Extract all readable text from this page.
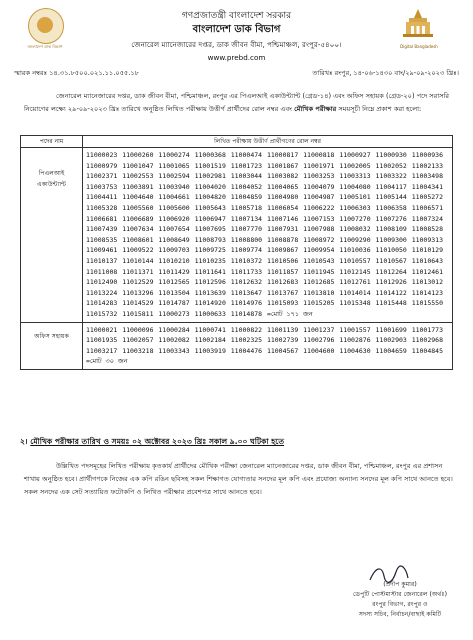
বাংলাদেশ ডাক বিভাগ	Digital Bangladesh
গণপ্রজাতন্ত্রী বাংলাদেশ সরকার
বাংলাদেশ ডাক বিভাগ
জেনারেল ম্যানেজারের দপ্তর, ডাক জীবন বীমা, পশ্চিমাঞ্চল, রংপুর-৫৪০০।
www.prebd.com
স্মারক নম্বরঃ ১৪.৩১.৮৫০০.০২১.১১.০৫৫.১৮	তারিখঃ রংপুর, ১৪-০৬-১৪৩০ বাং/২৯-০৯-২০২৩ খ্রিঃ।
জেনারেল ম্যানেজারের দপ্তর, ডাক জীবন বীমা, পশ্চিমাঞ্চল, রংপুর এর পিএলআই একাউন্ট্যান্ট (গ্রেড-১৪) এবং অফিস সহায়ক (গ্রেড-২০) পদে সরাসরি নিয়োগের লক্ষ্যে ২৯-০৯-২০২৩ খ্রিঃ তারিখে অনুষ্ঠিত লিখিত পরীক্ষায় উত্তীর্ণ প্রার্থীদের রোল নম্বর এবং মৌখিক পরীক্ষার সময়সূচী নিম্নে প্রকাশ করা হলো:
পদের নাম	লিখিত পরীক্ষায় উত্তীর্ণ প্রার্থীগণের রোল নম্বর
পিএলআই একাউন্ট্যান্ট	11000023 11000260 11000274 11000368 11000474 11000817 11000818 11000927 11000930 1100093611000979 11001047 11001065 11001519 11001723 11001867 11001971 11002005 11002052 1100213311002371 11002553 11002594 11002981 11003044 11003082 11003253 11003313 11003322 1100349811003753 11003891 11003940 11004020 11004052 11004065 11004079 11004080 11004117 1100434111004411 11004640 11004661 11004820 11004859 11004980 11004987 11005101 11005144 1100527211005328 11005560 11005600 11005643 11005718 11006054 11006222 11006303 11006358 1100657111006681 11006689 11006920 11006947 11007134 11007146 11007153 11007270 11007276 1100732411007439 11007634 11007654 11007695 11007770 11007931 11007988 11008032 11008109 1100852811008535 11008601 11008649 11008793 11008800 11008878 11008972 11009290 11009300 1100931311009461 11009522 11009703 11009725 11009774 11009867 11009954 11010036 11010050 1101012911010137 11010144 11010210 11010235 11010372 11010506 11010543 11010557 11010567 1101064311011008 11011371 11011429 11011641 11011733 11011857 11011945 11012145 11012264 1101246111012490 11012529 11012565 11012596 11012632 11012683 11012685 11012761 11012926 1101301211013224 11013296 11013504 11013639 11013647 11013767 11013810 11014014 11014122 1101412311014283 11014529 11014787 11014920 11014976 11015093 11015205 11015348 11015448 1101555011015732 11015811 11000273 11000633 11014878 =মোট ১৭১ জন
অফিস সহায়ক	11000021 11000096 11000284 11000741 11000822 11001139 11001237 11001557 11001699 1100177311001935 11002057 11002082 11002184 11002325 11002739 11002796 11002876 11002903 1100296811003217 11003218 11003343 11003919 11004476 11004567 11004600 11004630 11004659 11004845=মোট ৩০ জন
২। মৌখিক পরীক্ষার তারিখ ও সময়ঃ ০২ অক্টোবর ২০২৩ খ্রিঃ সকাল ৯.০০ ঘটিকা হতে
উল্লিখিত পদসমূহের লিখিত পরীক্ষায় কৃতকার্য প্রার্থীদের মৌখিক পরীক্ষা জেনারেল ম্যানেজারের দপ্তর, ডাক জীবন বীমা, পশ্চিমাঞ্চল, রংপুর এর প্রশাসন শাখায় অনুষ্ঠিত হবে। প্রার্থীগণকে নিজের এক কপি রঙিন ছবিসহ সকল শিক্ষাগত যোগ্যতার সনদের মূল কপি এবং প্রযোজ্য অন্যান্য সনদের মূল কপি সাথে আনতে হবে। সকল সনদের এক সেট সত্যায়িত ফটোকপি ও লিখিত পরীক্ষার প্রবেশপত্র সাথে আনতে হবে।
(প্রদীপ কুমার)
ডেপুটি পোস্টমাস্টার জেনারেল (অর্থঃ)
রংপুর বিভাগ, রংপুর ও
সদস্য সচিব, নির্বাচন/বাছাই কমিটি
